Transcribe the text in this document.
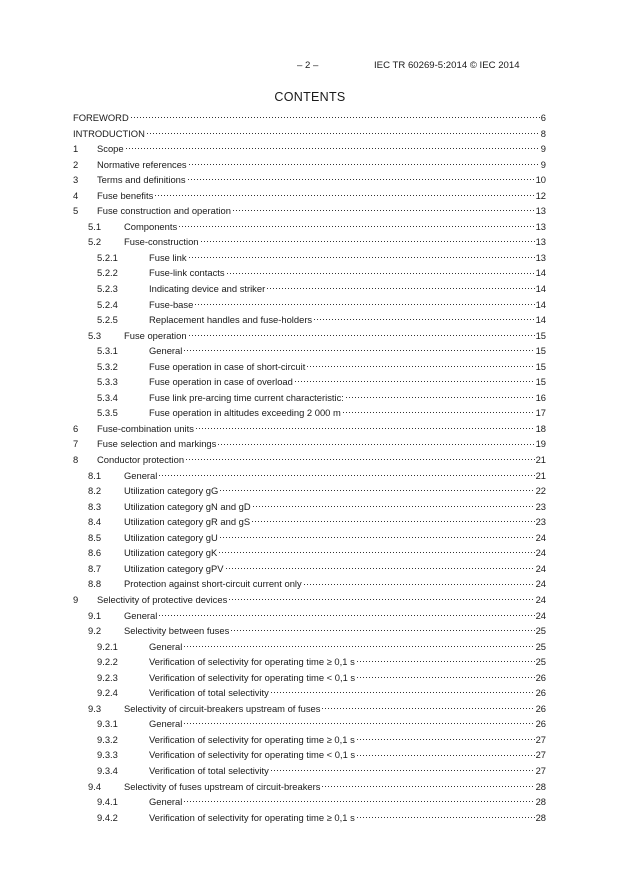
– 2 –	IEC TR 60269-5:2014 © IEC 2014
CONTENTS
FOREWORD	6
INTRODUCTION	8
1	Scope	9
2	Normative references	9
3	Terms and definitions	10
4	Fuse benefits	12
5	Fuse construction and operation	13
5.1	Components	13
5.2	Fuse-construction	13
5.2.1	Fuse link	13
5.2.2	Fuse-link contacts	14
5.2.3	Indicating device and striker	14
5.2.4	Fuse-base	14
5.2.5	Replacement handles and fuse-holders	14
5.3	Fuse operation	15
5.3.1	General	15
5.3.2	Fuse operation in case of short-circuit	15
5.3.3	Fuse operation in case of overload	15
5.3.4	Fuse link pre-arcing time current characteristic:	16
5.3.5	Fuse operation in altitudes exceeding 2 000 m	17
6	Fuse-combination units	18
7	Fuse selection and markings	19
8	Conductor protection	21
8.1	General	21
8.2	Utilization category gG	22
8.3	Utilization category gN and gD	23
8.4	Utilization category gR and gS	23
8.5	Utilization category gU	24
8.6	Utilization category gK	24
8.7	Utilization category gPV	24
8.8	Protection against short-circuit current only	24
9	Selectivity of protective devices	24
9.1	General	24
9.2	Selectivity between fuses	25
9.2.1	General	25
9.2.2	Verification of selectivity for operating time ≥ 0,1 s	25
9.2.3	Verification of selectivity for operating time < 0,1 s	26
9.2.4	Verification of total selectivity	26
9.3	Selectivity of circuit-breakers upstream of fuses	26
9.3.1	General	26
9.3.2	Verification of selectivity for operating time ≥ 0,1 s	27
9.3.3	Verification of selectivity for operating time < 0,1 s	27
9.3.4	Verification of total selectivity	27
9.4	Selectivity of fuses upstream of circuit-breakers	28
9.4.1	General	28
9.4.2	Verification of selectivity for operating time ≥ 0,1 s	28
